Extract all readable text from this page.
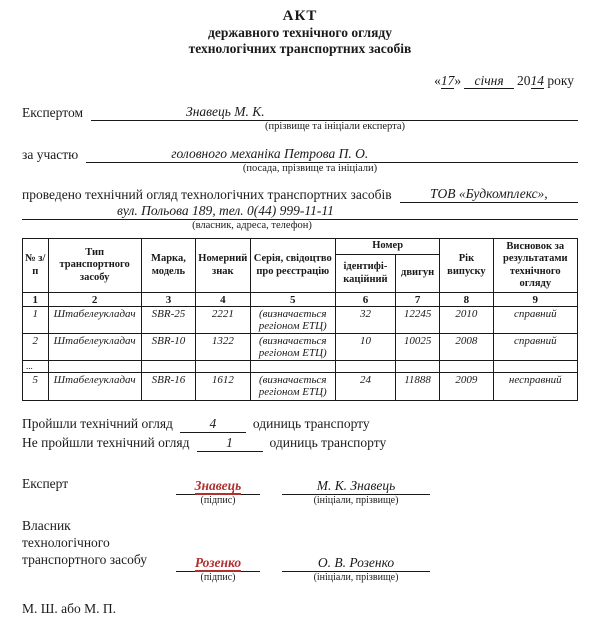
АКТ
державного технічного огляду
технологічних транспортних засобів
«17» січня 2014 року
Експертом	Знавець М. К.
(прізвище та ініціали експерта)
за участю	головного механіка Петрова П. О.
(посада, прізвище та ініціали)
проведено технічний огляд технологічних транспортних засобів	ТОВ «Будкомплекс»,
вул. Польова 189, тел. 0(44) 999-11-11
(власник, адреса, телефон)
№ з/п	Тип транспортного засобу	Марка, модель	Номерний знак	Серія, свідоцтво про реєстрацію	Номер		Рік випуску	Висновок за результатами технічного огляду
					ідентифікаційний	двигун		
1	2	3	4	5	6	7	8	9
1	Штабелеукладач	SBR-25	2221	(визначається регіоном ЕТЦ)	32	12245	2010	справний
2	Штабелеукладач	SBR-10	1322	(визначається регіоном ЕТЦ)	10	10025	2008	справний
...								
5	Штабелеукладач	SBR-16	1612	(визначається регіоном ЕТЦ)	24	11888	2009	несправний
Пройшли технічний огляд	4	одиниць транспорту
Не пройшли технічний огляд	1	одиниць транспорту
Експерт	Знавець
(підпис)
М. К. Знавець
(ініціали, прізвище)
Власник технологічного
транспортного засобу	Розенко
(підпис)
О. В. Розенко
(ініціали, прізвище)
М. Ш. або М. П.
